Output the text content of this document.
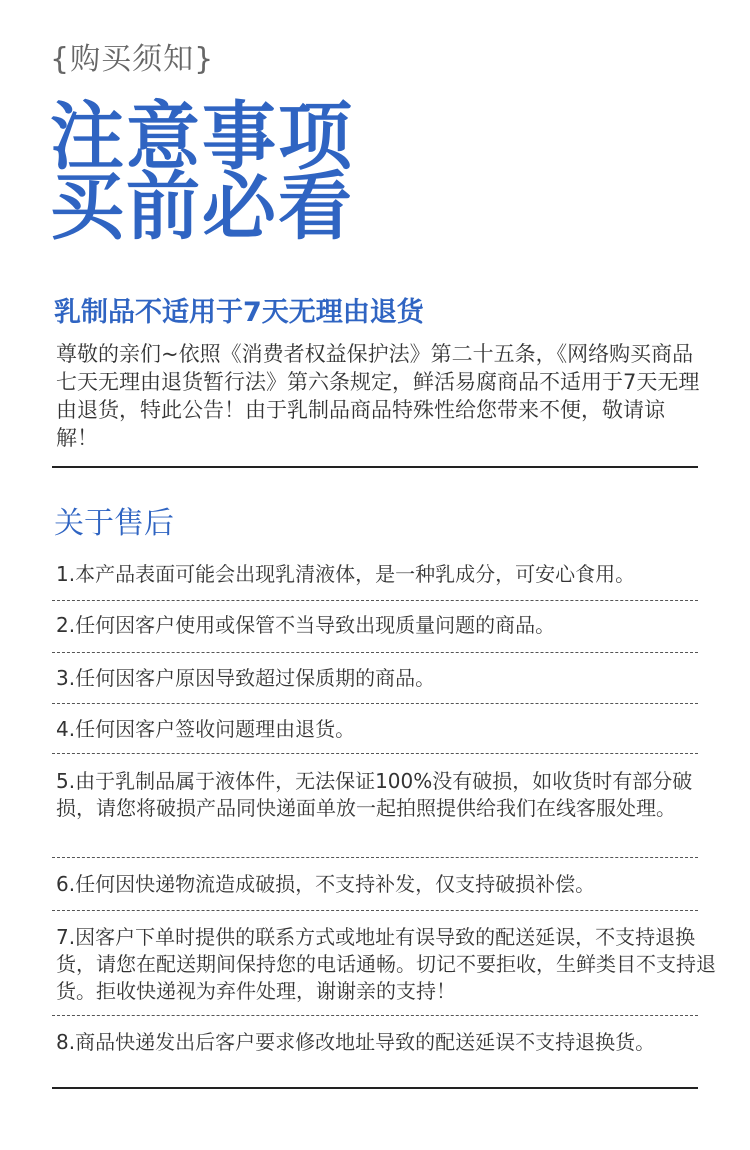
{购买须知}
注意事项
买前必看
乳制品不适用于7天无理由退货

尊敬的亲们~依照《消费者权益保护法》第二十五条，《网络购买商品七天无理由退货暂行法》第六条规定，鲜活易腐商品不适用于7天无理由退货，特此公告！由于乳制品商品特殊性给您带来不便，敬请谅解！

关于售后

1.本产品表面可能会出现乳清液体，是一种乳成分，可安心食用。

2.任何因客户使用或保管不当导致出现质量问题的商品。

3.任何因客户原因导致超过保质期的商品。

4.任何因客户签收问题理由退货。

5.由于乳制品属于液体件，无法保证100%没有破损，如收货时有部分破损，请您将破损产品同快递面单放一起拍照提供给我们在线客服处理。

6.任何因快递物流造成破损，不支持补发，仅支持破损补偿。

7.因客户下单时提供的联系方式或地址有误导致的配送延误，不支持退换货，请您在配送期间保持您的电话通畅。切记不要拒收，生鲜类目不支持退货。拒收快递视为弃件处理，谢谢亲的支持！

8.商品快递发出后客户要求修改地址导致的配送延误不支持退换货。
